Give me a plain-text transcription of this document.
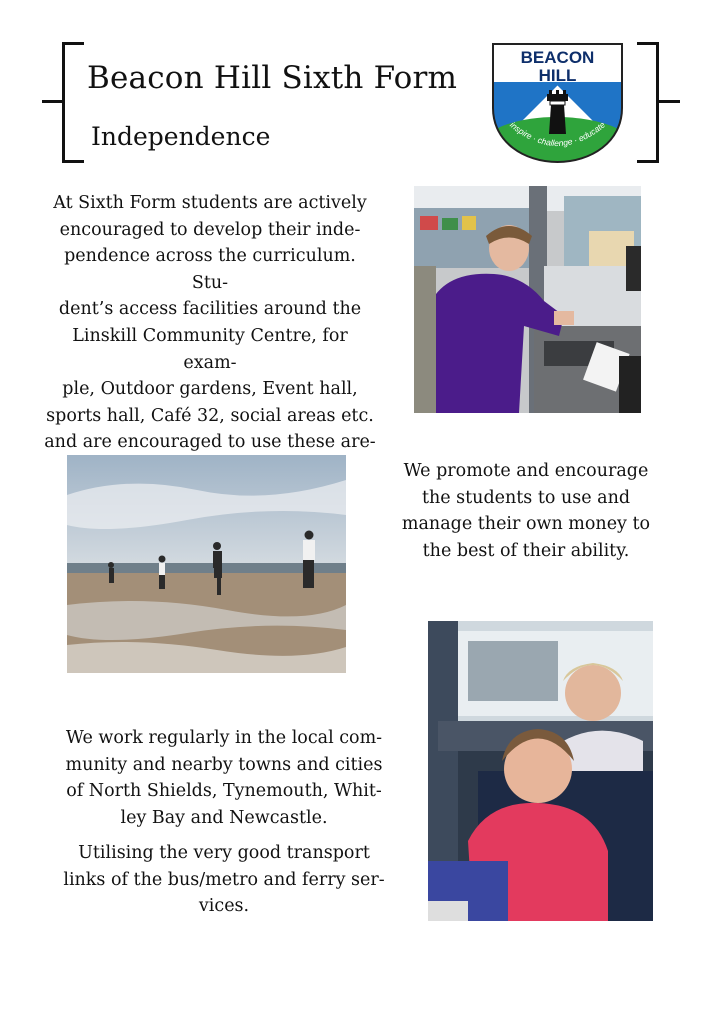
Beacon Hill Sixth Form
Independence
BEACON
HILL
inspire · challenge · educate
At Sixth Form students are actively
encouraged to develop their inde-
pendence across the curriculum. Stu-
dent’s access facilities around the
Linskill Community Centre, for exam-
ple, Outdoor gardens, Event hall,
sports hall, Café 32, social areas etc.
and are encouraged to use these are-
We promote and encourage
the students to use and
manage their own money to
the best of their ability.
We work regularly in the local com-
munity and nearby towns and cities
of North Shields, Tynemouth, Whit-
ley Bay and Newcastle.
Utilising the very good transport
links of the bus/metro and ferry ser-
vices.
